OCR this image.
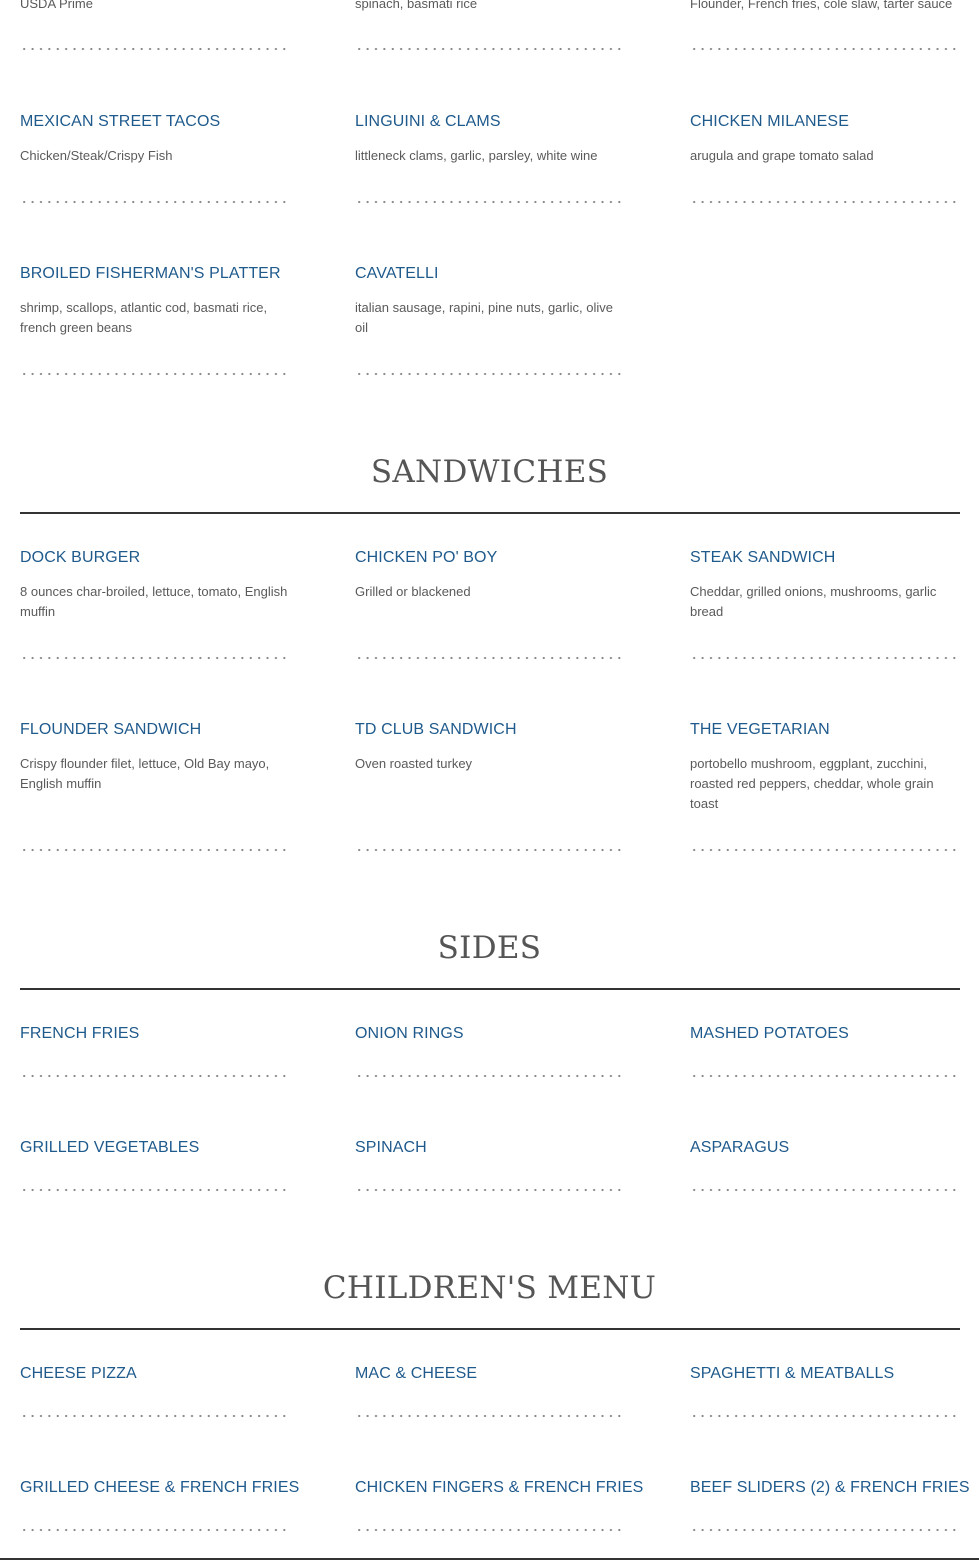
USDA Prime	spinach, basmati rice	Flounder, French fries, cole slaw, tarter sauce
MEXICAN STREET TACOS
Chicken/Steak/Crispy Fish
LINGUINI & CLAMS
littleneck clams, garlic, parsley, white wine
CHICKEN MILANESE
arugula and grape tomato salad
BROILED FISHERMAN'S PLATTER
shrimp, scallops, atlantic cod, basmati rice, french green beans
CAVATELLI
italian sausage, rapini, pine nuts, garlic, olive oil
SANDWICHES
DOCK BURGER
8 ounces char-broiled, lettuce, tomato, English muffin
CHICKEN PO' BOY
Grilled or blackened
STEAK SANDWICH
Cheddar, grilled onions, mushrooms, garlic bread
FLOUNDER SANDWICH
Crispy flounder filet, lettuce, Old Bay mayo, English muffin
TD CLUB SANDWICH
Oven roasted turkey
THE VEGETARIAN
portobello mushroom, eggplant, zucchini, roasted red peppers, cheddar, whole grain toast
SIDES
FRENCH FRIES	ONION RINGS	MASHED POTATOES
GRILLED VEGETABLES	SPINACH	ASPARAGUS
CHILDREN'S MENU
CHEESE PIZZA	MAC & CHEESE	SPAGHETTI & MEATBALLS
GRILLED CHEESE & FRENCH FRIES	CHICKEN FINGERS & FRENCH FRIES	BEEF SLIDERS (2) & FRENCH FRIES
